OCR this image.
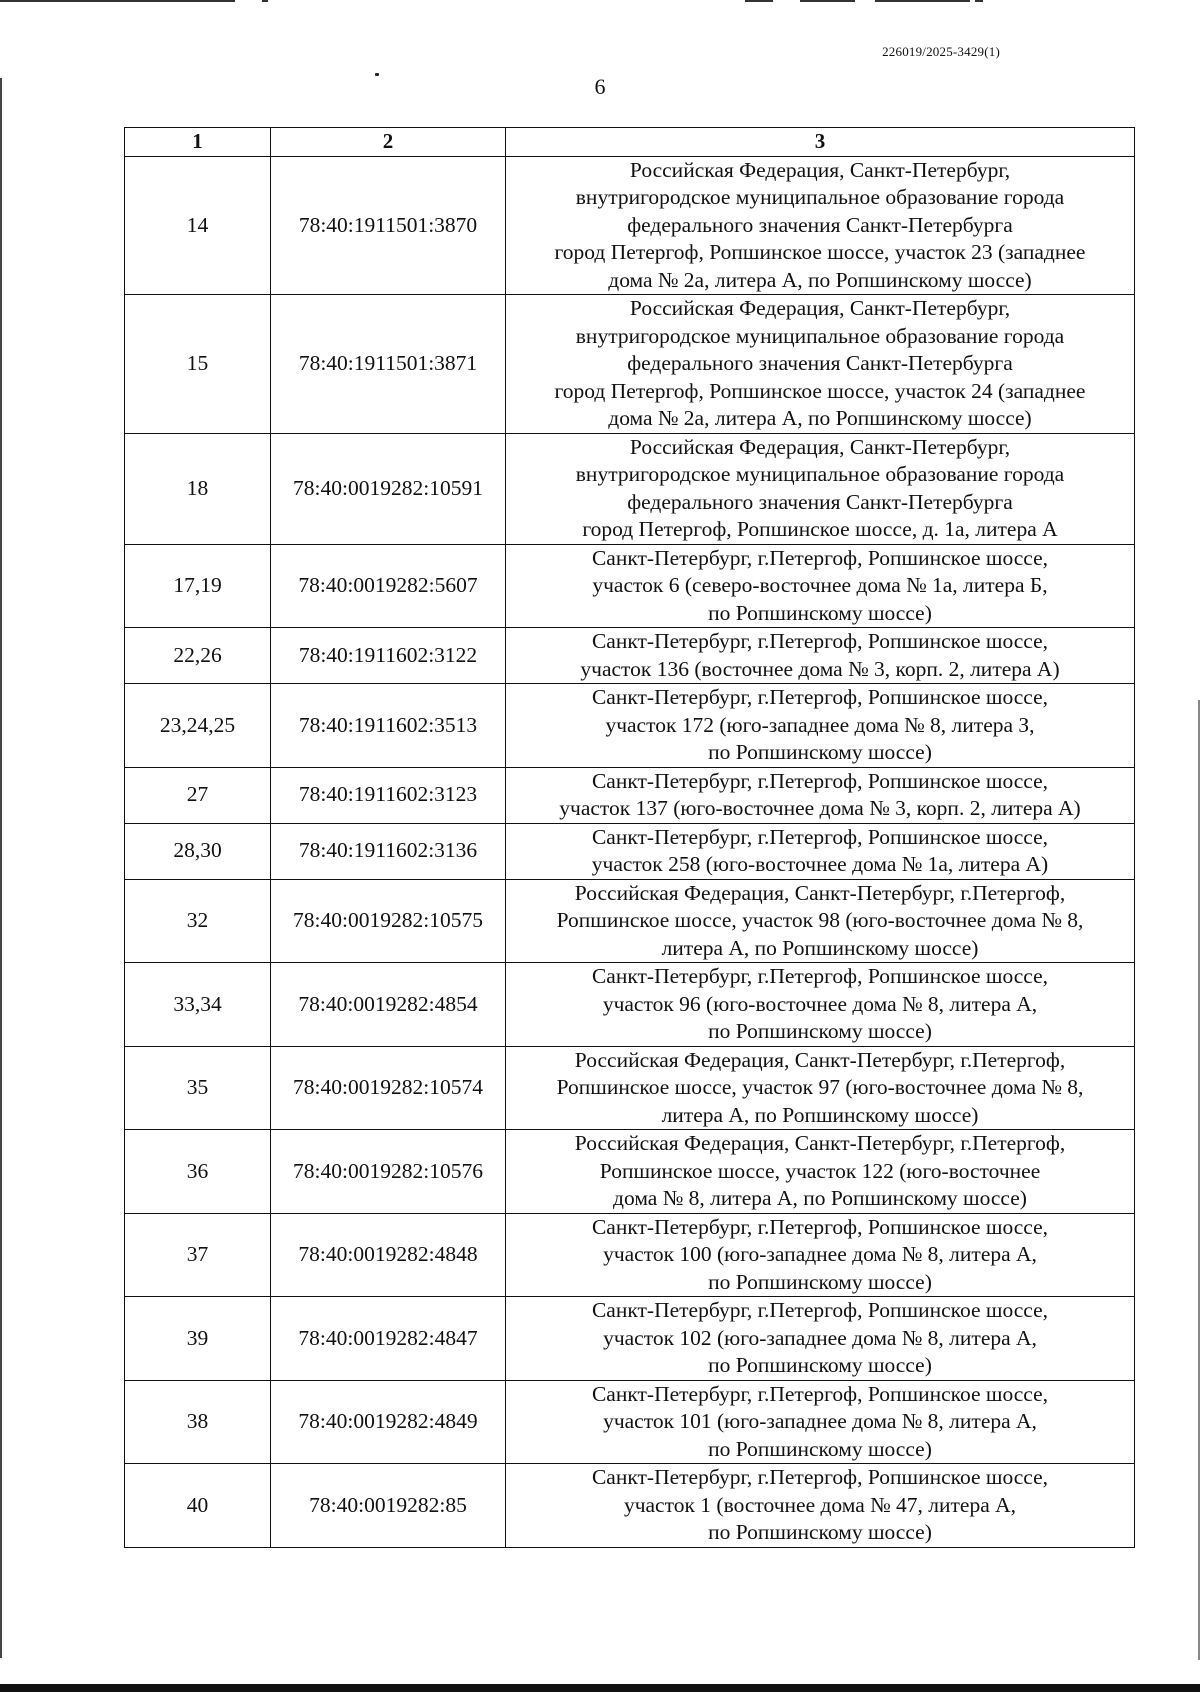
226019/2025-3429(1)
6
1	2	3
14	78:40:1911501:3870	Российская Федерация, Санкт-Петербург,
внутригородское муниципальное образование города
федерального значения Санкт-Петербурга
город Петергоф, Ропшинское шоссе, участок 23 (западнее
дома № 2а, литера А, по Ропшинскому шоссе)

15	78:40:1911501:3871	Российская Федерация, Санкт-Петербург,
внутригородское муниципальное образование города
федерального значения Санкт-Петербурга
город Петергоф, Ропшинское шоссе, участок 24 (западнее
дома № 2а, литера А, по Ропшинскому шоссе)

18	78:40:0019282:10591	Российская Федерация, Санкт-Петербург,
внутригородское муниципальное образование города
федерального значения Санкт-Петербурга
город Петергоф, Ропшинское шоссе, д. 1а, литера А

17,19	78:40:0019282:5607	Санкт-Петербург, г.Петергоф, Ропшинское шоссе,
участок 6 (северо-восточнее дома № 1а, литера Б,
по Ропшинскому шоссе)

22,26	78:40:1911602:3122	Санкт-Петербург, г.Петергоф, Ропшинское шоссе,
участок 136 (восточнее дома № 3, корп. 2, литера А)

23,24,25	78:40:1911602:3513	Санкт-Петербург, г.Петергоф, Ропшинское шоссе,
участок 172 (юго-западнее дома № 8, литера З,
по Ропшинскому шоссе)

27	78:40:1911602:3123	Санкт-Петербург, г.Петергоф, Ропшинское шоссе,
участок 137 (юго-восточнее дома № 3, корп. 2, литера А)

28,30	78:40:1911602:3136	Санкт-Петербург, г.Петергоф, Ропшинское шоссе,
участок 258 (юго-восточнее дома № 1а, литера А)

32	78:40:0019282:10575	Российская Федерация, Санкт-Петербург, г.Петергоф,
Ропшинское шоссе, участок 98 (юго-восточнее дома № 8,
литера А, по Ропшинскому шоссе)

33,34	78:40:0019282:4854	Санкт-Петербург, г.Петергоф, Ропшинское шоссе,
участок 96 (юго-восточнее дома № 8, литера А,
по Ропшинскому шоссе)

35	78:40:0019282:10574	Российская Федерация, Санкт-Петербург, г.Петергоф,
Ропшинское шоссе, участок 97 (юго-восточнее дома № 8,
литера А, по Ропшинскому шоссе)

36	78:40:0019282:10576	Российская Федерация, Санкт-Петербург, г.Петергоф,
Ропшинское шоссе, участок 122 (юго-восточнее
дома № 8, литера А, по Ропшинскому шоссе)

37	78:40:0019282:4848	Санкт-Петербург, г.Петергоф, Ропшинское шоссе,
участок 100 (юго-западнее дома № 8, литера А,
по Ропшинскому шоссе)

39	78:40:0019282:4847	Санкт-Петербург, г.Петергоф, Ропшинское шоссе,
участок 102 (юго-западнее дома № 8, литера А,
по Ропшинскому шоссе)

38	78:40:0019282:4849	Санкт-Петербург, г.Петергоф, Ропшинское шоссе,
участок 101 (юго-западнее дома № 8, литера А,
по Ропшинскому шоссе)

40	78:40:0019282:85	Санкт-Петербург, г.Петергоф, Ропшинское шоссе,
участок 1 (восточнее дома № 47, литера А,
по Ропшинскому шоссе)
